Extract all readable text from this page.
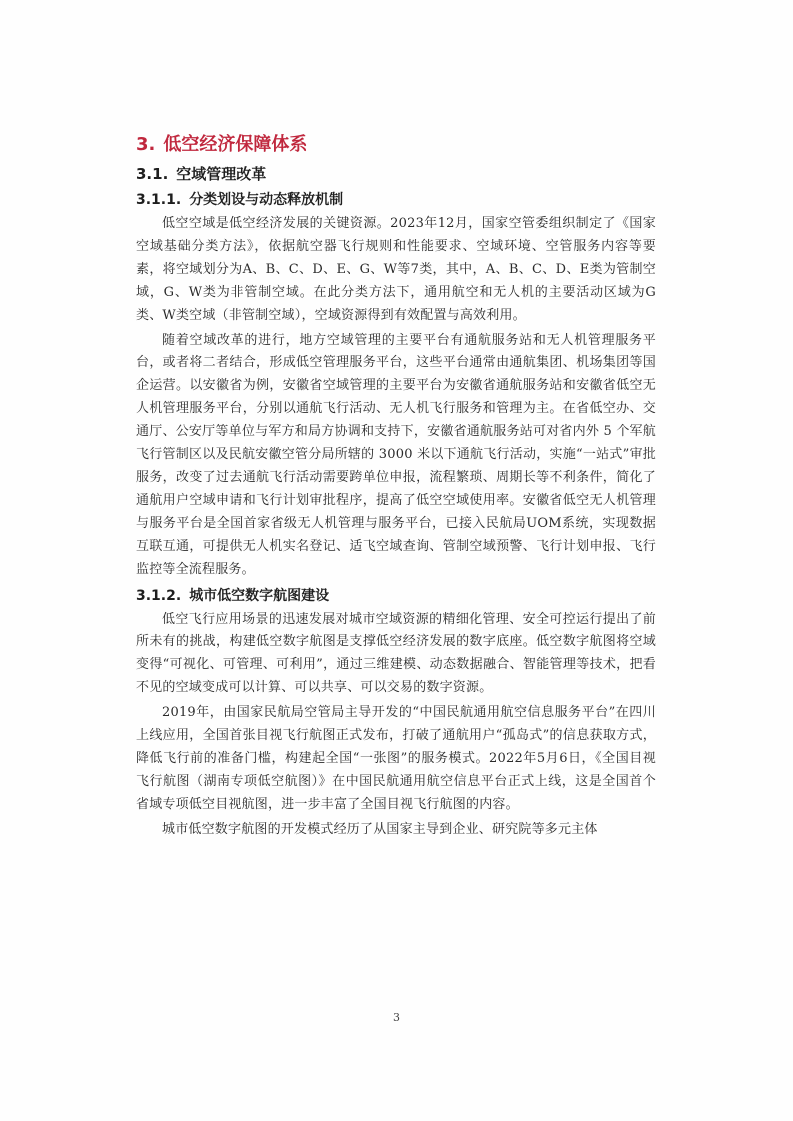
3. 低空经济保障体系
3.1. 空域管理改革
3.1.1. 分类划设与动态释放机制

低空空域是低空经济发展的关键资源。2023年12月，国家空管委组织制定了《国家空域基础分类方法》，依据航空器飞行规则和性能要求、空域环境、空管服务内容等要素，将空域划分为A、B、C、D、E、G、W等7类，其中，A、B、C、D、E类为管制空域，G、W类为非管制空域。在此分类方法下，通用航空和无人机的主要活动区域为G类、W类空域（非管制空域），空域资源得到有效配置与高效利用。

随着空域改革的进行，地方空域管理的主要平台有通航服务站和无人机管理服务平台，或者将二者结合，形成低空管理服务平台，这些平台通常由通航集团、机场集团等国企运营。以安徽省为例，安徽省空域管理的主要平台为安徽省通航服务站和安徽省低空无人机管理服务平台，分别以通航飞行活动、无人机飞行服务和管理为主。在省低空办、交通厅、公安厅等单位与军方和局方协调和支持下，安徽省通航服务站可对省内外 5 个军航飞行管制区以及民航安徽空管分局所辖的 3000 米以下通航飞行活动，实施“一站式”审批服务，改变了过去通航飞行活动需要跨单位申报，流程繁琐、周期长等不利条件，简化了通航用户空域申请和飞行计划审批程序，提高了低空空域使用率。安徽省低空无人机管理与服务平台是全国首家省级无人机管理与服务平台，已接入民航局UOM系统，实现数据互联互通，可提供无人机实名登记、适飞空域查询、管制空域预警、飞行计划申报、飞行监控等全流程服务。

3.1.2. 城市低空数字航图建设

低空飞行应用场景的迅速发展对城市空域资源的精细化管理、安全可控运行提出了前所未有的挑战，构建低空数字航图是支撑低空经济发展的数字底座。低空数字航图将空域变得“可视化、可管理、可利用”，通过三维建模、动态数据融合、智能管理等技术，把看不见的空域变成可以计算、可以共享、可以交易的数字资源。

2019年，由国家民航局空管局主导开发的“中国民航通用航空信息服务平台”在四川上线应用，全国首张目视飞行航图正式发布，打破了通航用户“孤岛式”的信息获取方式，降低飞行前的准备门槛，构建起全国“一张图”的服务模式。2022年5月6日，《全国目视飞行航图（湖南专项低空航图）》在中国民航通用航空信息平台正式上线，这是全国首个省域专项低空目视航图，进一步丰富了全国目视飞行航图的内容。

城市低空数字航图的开发模式经历了从国家主导到企业、研究院等多元主体

3
